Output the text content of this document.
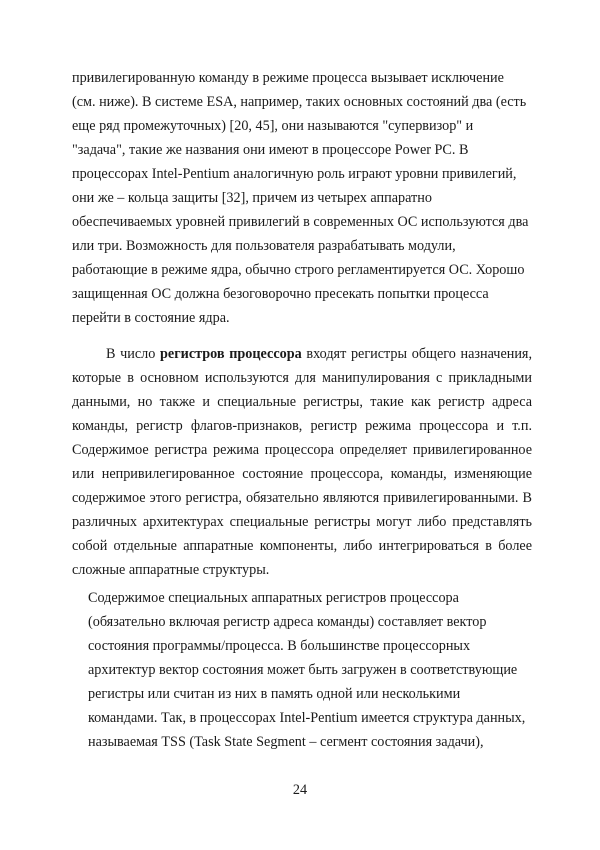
привилегированную команду в режиме процесса вызывает исключение
(см. ниже). В системе ESA, например, таких основных состояний два (есть
еще ряд промежуточных) [20, 45], они называются "супервизор" и
"задача", такие же названия они имеют в процессоре Power PC. В
процессорах Intel-Pentium аналогичную роль играют уровни привилегий,
они же – кольца защиты [32], причем из четырех аппаратно
обеспечиваемых уровней привилегий в современных ОС используются два
или три. Возможность для пользователя разрабатывать модули,
работающие в режиме ядра, обычно строго регламентируется ОС. Хорошо
защищенная ОС должна безоговорочно пресекать попытки процесса
перейти в состояние ядра.
В число регистров процессора входят регистры общего назначения,
которые в основном используются для манипулирования с прикладными
данными, но также и специальные регистры, такие как регистр адреса
команды, регистр флагов-признаков, регистр режима процессора и т.п.
Содержимое регистра режима процессора определяет привилегированное
или непривилегированное состояние процессора, команды, изменяющие
содержимое этого регистра, обязательно являются привилегированными. В
различных архитектурах специальные регистры могут либо представлять
собой отдельные аппаратные компоненты, либо интегрироваться в более
сложные аппаратные структуры.
Содержимое специальных аппаратных регистров процессора
(обязательно включая регистр адреса команды) составляет вектор
состояния программы/процесса. В большинстве процессорных
архитектур вектор состояния может быть загружен в соответствующие
регистры или считан из них в память одной или несколькими
командами. Так, в процессорах Intel-Pentium имеется структура данных,
называемая TSS (Task State Segment – сегмент состояния задачи),
24
